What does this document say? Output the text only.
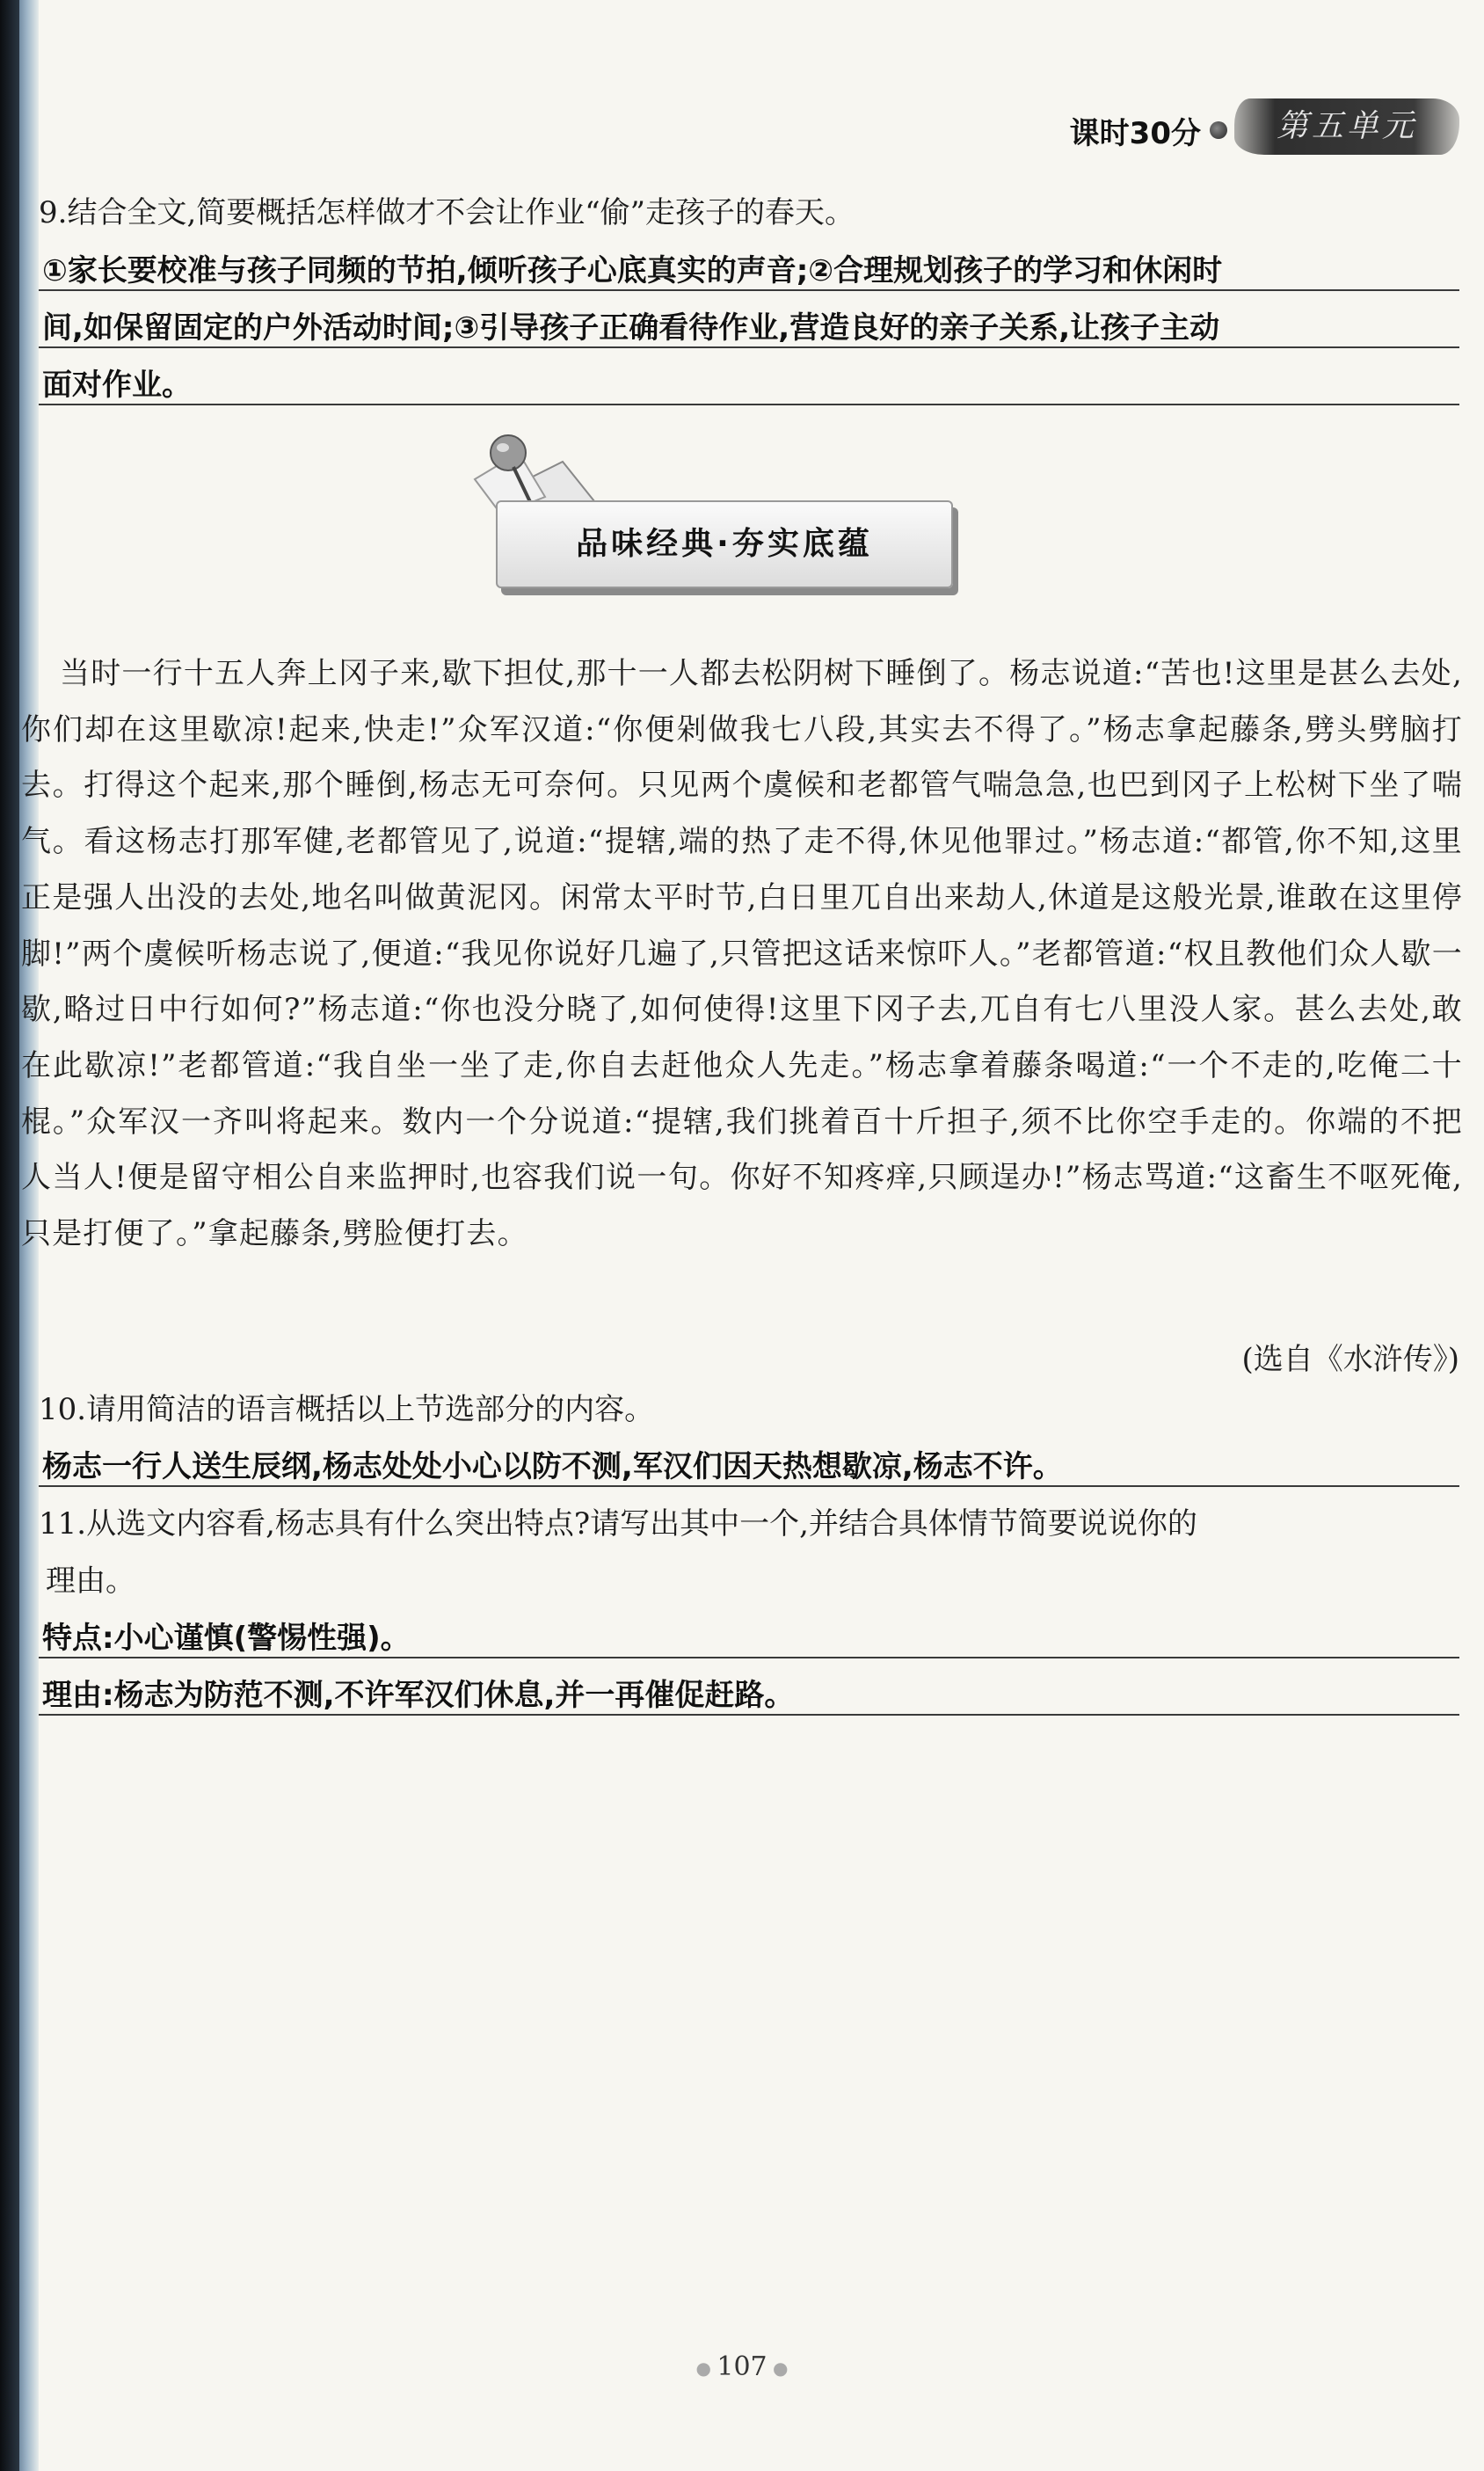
课时30分	第五单元
9.结合全文,简要概括怎样做才不会让作业“偷”走孩子的春天。
①家长要校准与孩子同频的节拍,倾听孩子心底真实的声音;②合理规划孩子的学习和休闲时
间,如保留固定的户外活动时间;③引导孩子正确看待作业,营造良好的亲子关系,让孩子主动
面对作业。
品味经典·夯实底蕴
当时一行十五人奔上冈子来,歇下担仗,那十一人都去松阴树下睡倒了。杨志说道:“苦也!这里是甚么去处,你们却在这里歇凉!起来,快走!”众军汉道:“你便剁做我七八段,其实去不得了。”杨志拿起藤条,劈头劈脑打去。打得这个起来,那个睡倒,杨志无可奈何。只见两个虞候和老都管气喘急急,也巴到冈子上松树下坐了喘气。看这杨志打那军健,老都管见了,说道:“提辖,端的热了走不得,休见他罪过。”杨志道:“都管,你不知,这里正是强人出没的去处,地名叫做黄泥冈。闲常太平时节,白日里兀自出来劫人,休道是这般光景,谁敢在这里停脚!”两个虞候听杨志说了,便道:“我见你说好几遍了,只管把这话来惊吓人。”老都管道:“权且教他们众人歇一歇,略过日中行如何?”杨志道:“你也没分晓了,如何使得!这里下冈子去,兀自有七八里没人家。甚么去处,敢在此歇凉!”老都管道:“我自坐一坐了走,你自去赶他众人先走。”杨志拿着藤条喝道:“一个不走的,吃俺二十棍。”众军汉一齐叫将起来。数内一个分说道:“提辖,我们挑着百十斤担子,须不比你空手走的。你端的不把人当人!便是留守相公自来监押时,也容我们说一句。你好不知疼痒,只顾逞办!”杨志骂道:“这畜生不呕死俺,只是打便了。”拿起藤条,劈脸便打去。
(选自《水浒传》)
10.请用简洁的语言概括以上节选部分的内容。
杨志一行人送生辰纲,杨志处处小心以防不测,军汉们因天热想歇凉,杨志不许。
11.从选文内容看,杨志具有什么突出特点?请写出其中一个,并结合具体情节简要说说你的
理由。
特点:小心谨慎(警惕性强)。
理由:杨志为防范不测,不许军汉们休息,并一再催促赶路。
● 107 ●
